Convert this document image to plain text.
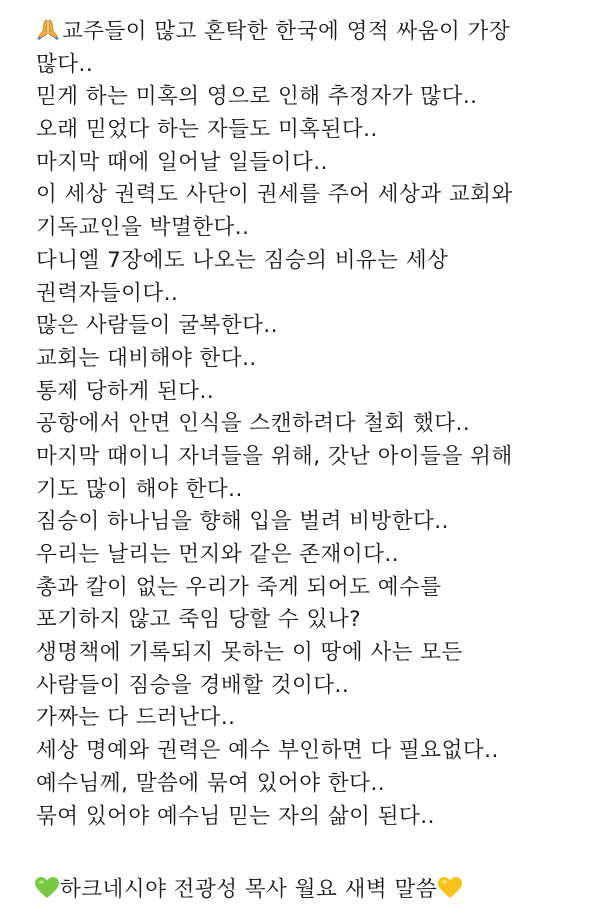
교주들이 많고 혼탁한 한국에 영적 싸움이 가장
많다..
믿게 하는 미혹의 영으로 인해 추정자가 많다..
오래 믿었다 하는 자들도 미혹된다..
마지막 때에 일어날 일들이다..
이 세상 권력도 사단이 권세를 주어 세상과 교회와
기독교인을 박멸한다..
다니엘 7장에도 나오는 짐승의 비유는 세상
권력자들이다..
많은 사람들이 굴복한다..
교회는 대비해야 한다..
통제 당하게 된다..
공항에서 안면 인식을 스캔하려다 철회 했다..
마지막 때이니 자녀들을 위해, 갓난 아이들을 위해
기도 많이 해야 한다..
짐승이 하나님을 향해 입을 벌려 비방한다..
우리는 날리는 먼지와 같은 존재이다..
총과 칼이 없는 우리가 죽게 되어도 예수를
포기하지 않고 죽임 당할 수 있나?
생명책에 기록되지 못하는 이 땅에 사는 모든
사람들이 짐승을 경배할 것이다..
가짜는 다 드러난다..
세상 명예와 권력은 예수 부인하면 다 필요없다..
예수님께, 말씀에 묶여 있어야 한다..
묶여 있어야 예수님 믿는 자의 삶이 된다..
하크네시야 전광성 목사 월요 새벽 말씀
